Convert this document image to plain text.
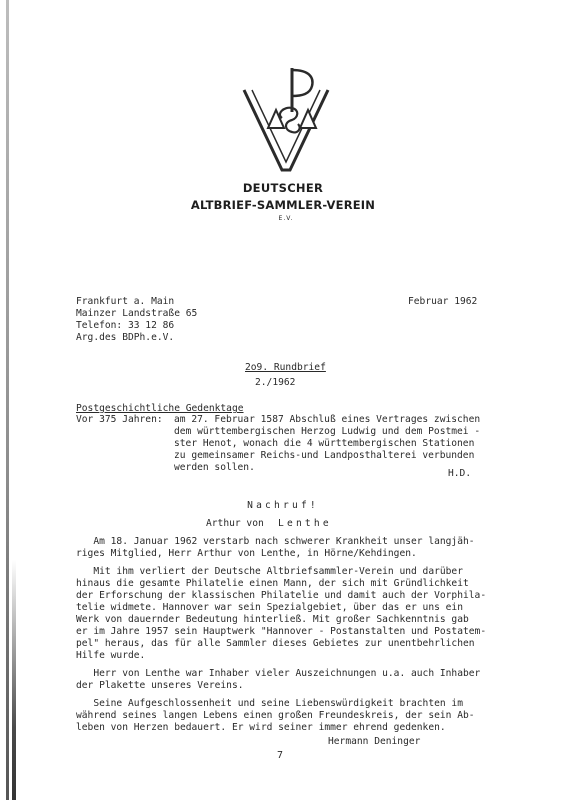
DEUTSCHER
ALTBRIEF-SAMMLER-VEREIN
E.V.
Frankfurt a. Main
Mainzer Landstraße 65
Telefon: 33 12 86
Arg.des BDPh.e.V.
Februar 1962
2o9. Rundbrief
2./1962
Postgeschichtliche Gedenktage
Vor 375 Jahren: am 27. Februar 1587 Abschluß eines Vertrages zwischen
dem württembergischen Herzog Ludwig und dem Postmei -
ster Henot, wonach die 4 württembergischen Stationen
zu gemeinsamer Reichs-und Landposthalterei verbunden
werden sollen.
H.D.
Nachruf!
Arthur von Lenthe
Am 18. Januar 1962 verstarb nach schwerer Krankheit unser langjäh-
riges Mitglied, Herr Arthur von Lenthe, in Hörne/Kehdingen.
Mit ihm verliert der Deutsche Altbriefsammler-Verein und darüber
hinaus die gesamte Philatelie einen Mann, der sich mit Gründlichkeit
der Erforschung der klassischen Philatelie und damit auch der Vorphila-
telie widmete. Hannover war sein Spezialgebiet, über das er uns ein
Werk von dauernder Bedeutung hinterließ. Mit großer Sachkenntnis gab
er im Jahre 1957 sein Hauptwerk "Hannover - Postanstalten und Postatem-
pel" heraus, das für alle Sammler dieses Gebietes zur unentbehrlichen
Hilfe wurde.
Herr von Lenthe war Inhaber vieler Auszeichnungen u.a. auch Inhaber
der Plakette unseres Vereins.
Seine Aufgeschlossenheit und seine Liebenswürdigkeit brachten im
während seines langen Lebens einen großen Freundeskreis, der sein Ab-
leben von Herzen bedauert. Er wird seiner immer ehrend gedenken.
Hermann Deninger
7
